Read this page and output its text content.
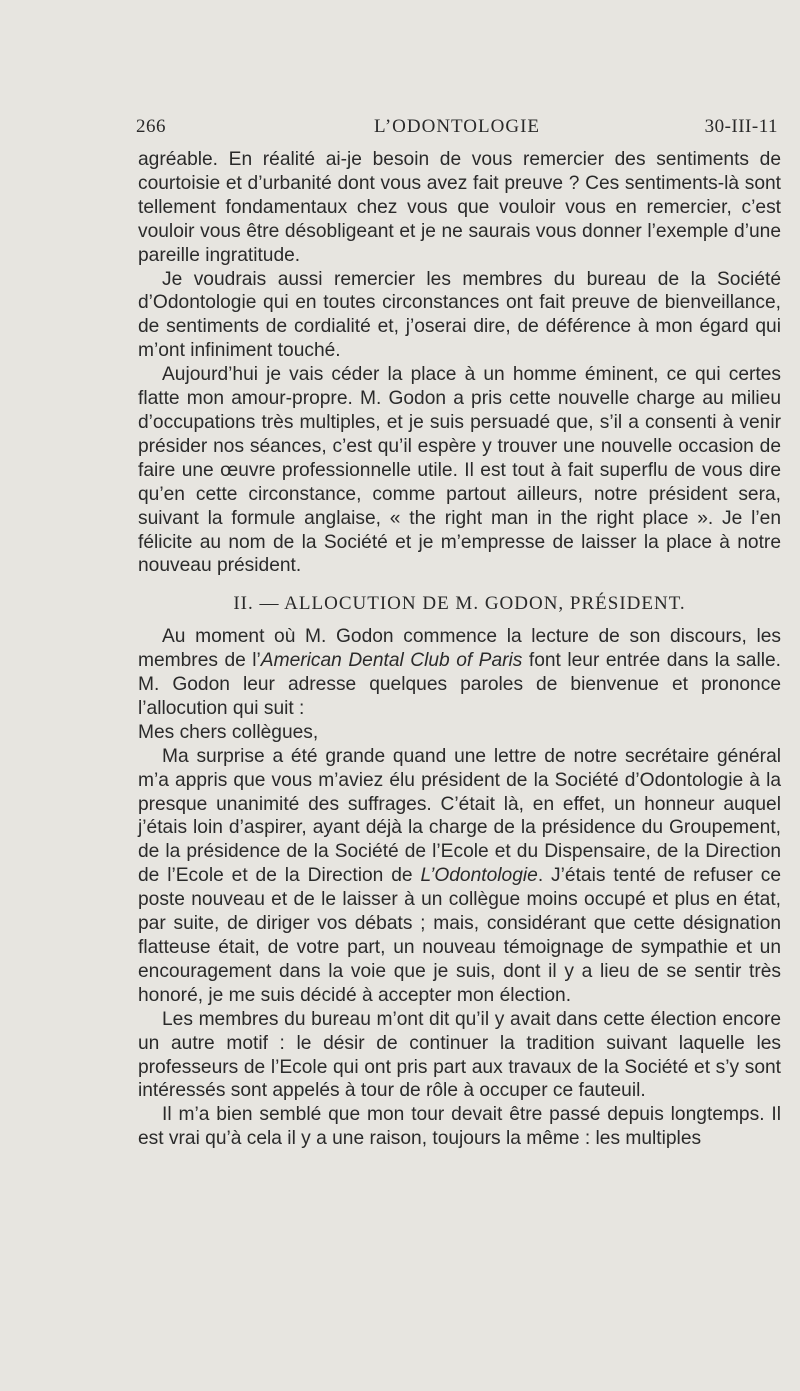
266	L’ODONTOLOGIE	30-III-11

agréable. En réalité ai-je besoin de vous remercier des sentiments de courtoisie et d’urbanité dont vous avez fait preuve ? Ces sentiments-là sont tellement fondamentaux chez vous que vouloir vous en remercier, c’est vouloir vous être désobligeant et je ne saurais vous donner l’exemple d’une pareille ingratitude.

Je voudrais aussi remercier les membres du bureau de la Société d’Odontologie qui en toutes circonstances ont fait preuve de bienveillance, de sentiments de cordialité et, j’oserai dire, de déférence à mon égard qui m’ont infiniment touché.

Aujourd’hui je vais céder la place à un homme éminent, ce qui certes flatte mon amour-propre. M. Godon a pris cette nouvelle charge au milieu d’occupations très multiples, et je suis persuadé que, s’il a consenti à venir présider nos séances, c’est qu’il espère y trouver une nouvelle occasion de faire une œuvre professionnelle utile. Il est tout à fait superflu de vous dire qu’en cette circonstance, comme partout ailleurs, notre président sera, suivant la formule anglaise, « the right man in the right place ». Je l’en félicite au nom de la Société et je m’empresse de laisser la place à notre nouveau président.

II. — ALLOCUTION DE M. GODON, PRÉSIDENT.

Au moment où M. Godon commence la lecture de son discours, les membres de l’American Dental Club of Paris font leur entrée dans la salle. M. Godon leur adresse quelques paroles de bienvenue et prononce l’allocution qui suit :

Mes chers collègues,

Ma surprise a été grande quand une lettre de notre secrétaire général m’a appris que vous m’aviez élu président de la Société d’Odontologie à la presque unanimité des suffrages. C’était là, en effet, un honneur auquel j’étais loin d’aspirer, ayant déjà la charge de la présidence du Groupement, de la présidence de la Société de l’Ecole et du Dispensaire, de la Direction de l’Ecole et de la Direction de L’Odontologie. J’étais tenté de refuser ce poste nouveau et de le laisser à un collègue moins occupé et plus en état, par suite, de diriger vos débats ; mais, considérant que cette désignation flatteuse était, de votre part, un nouveau témoignage de sympathie et un encouragement dans la voie que je suis, dont il y a lieu de se sentir très honoré, je me suis décidé à accepter mon élection.

Les membres du bureau m’ont dit qu’il y avait dans cette élection encore un autre motif : le désir de continuer la tradition suivant laquelle les professeurs de l’Ecole qui ont pris part aux travaux de la Société et s’y sont intéressés sont appelés à tour de rôle à occuper ce fauteuil.

Il m’a bien semblé que mon tour devait être passé depuis longtemps. Il est vrai qu’à cela il y a une raison, toujours la même : les multiples
